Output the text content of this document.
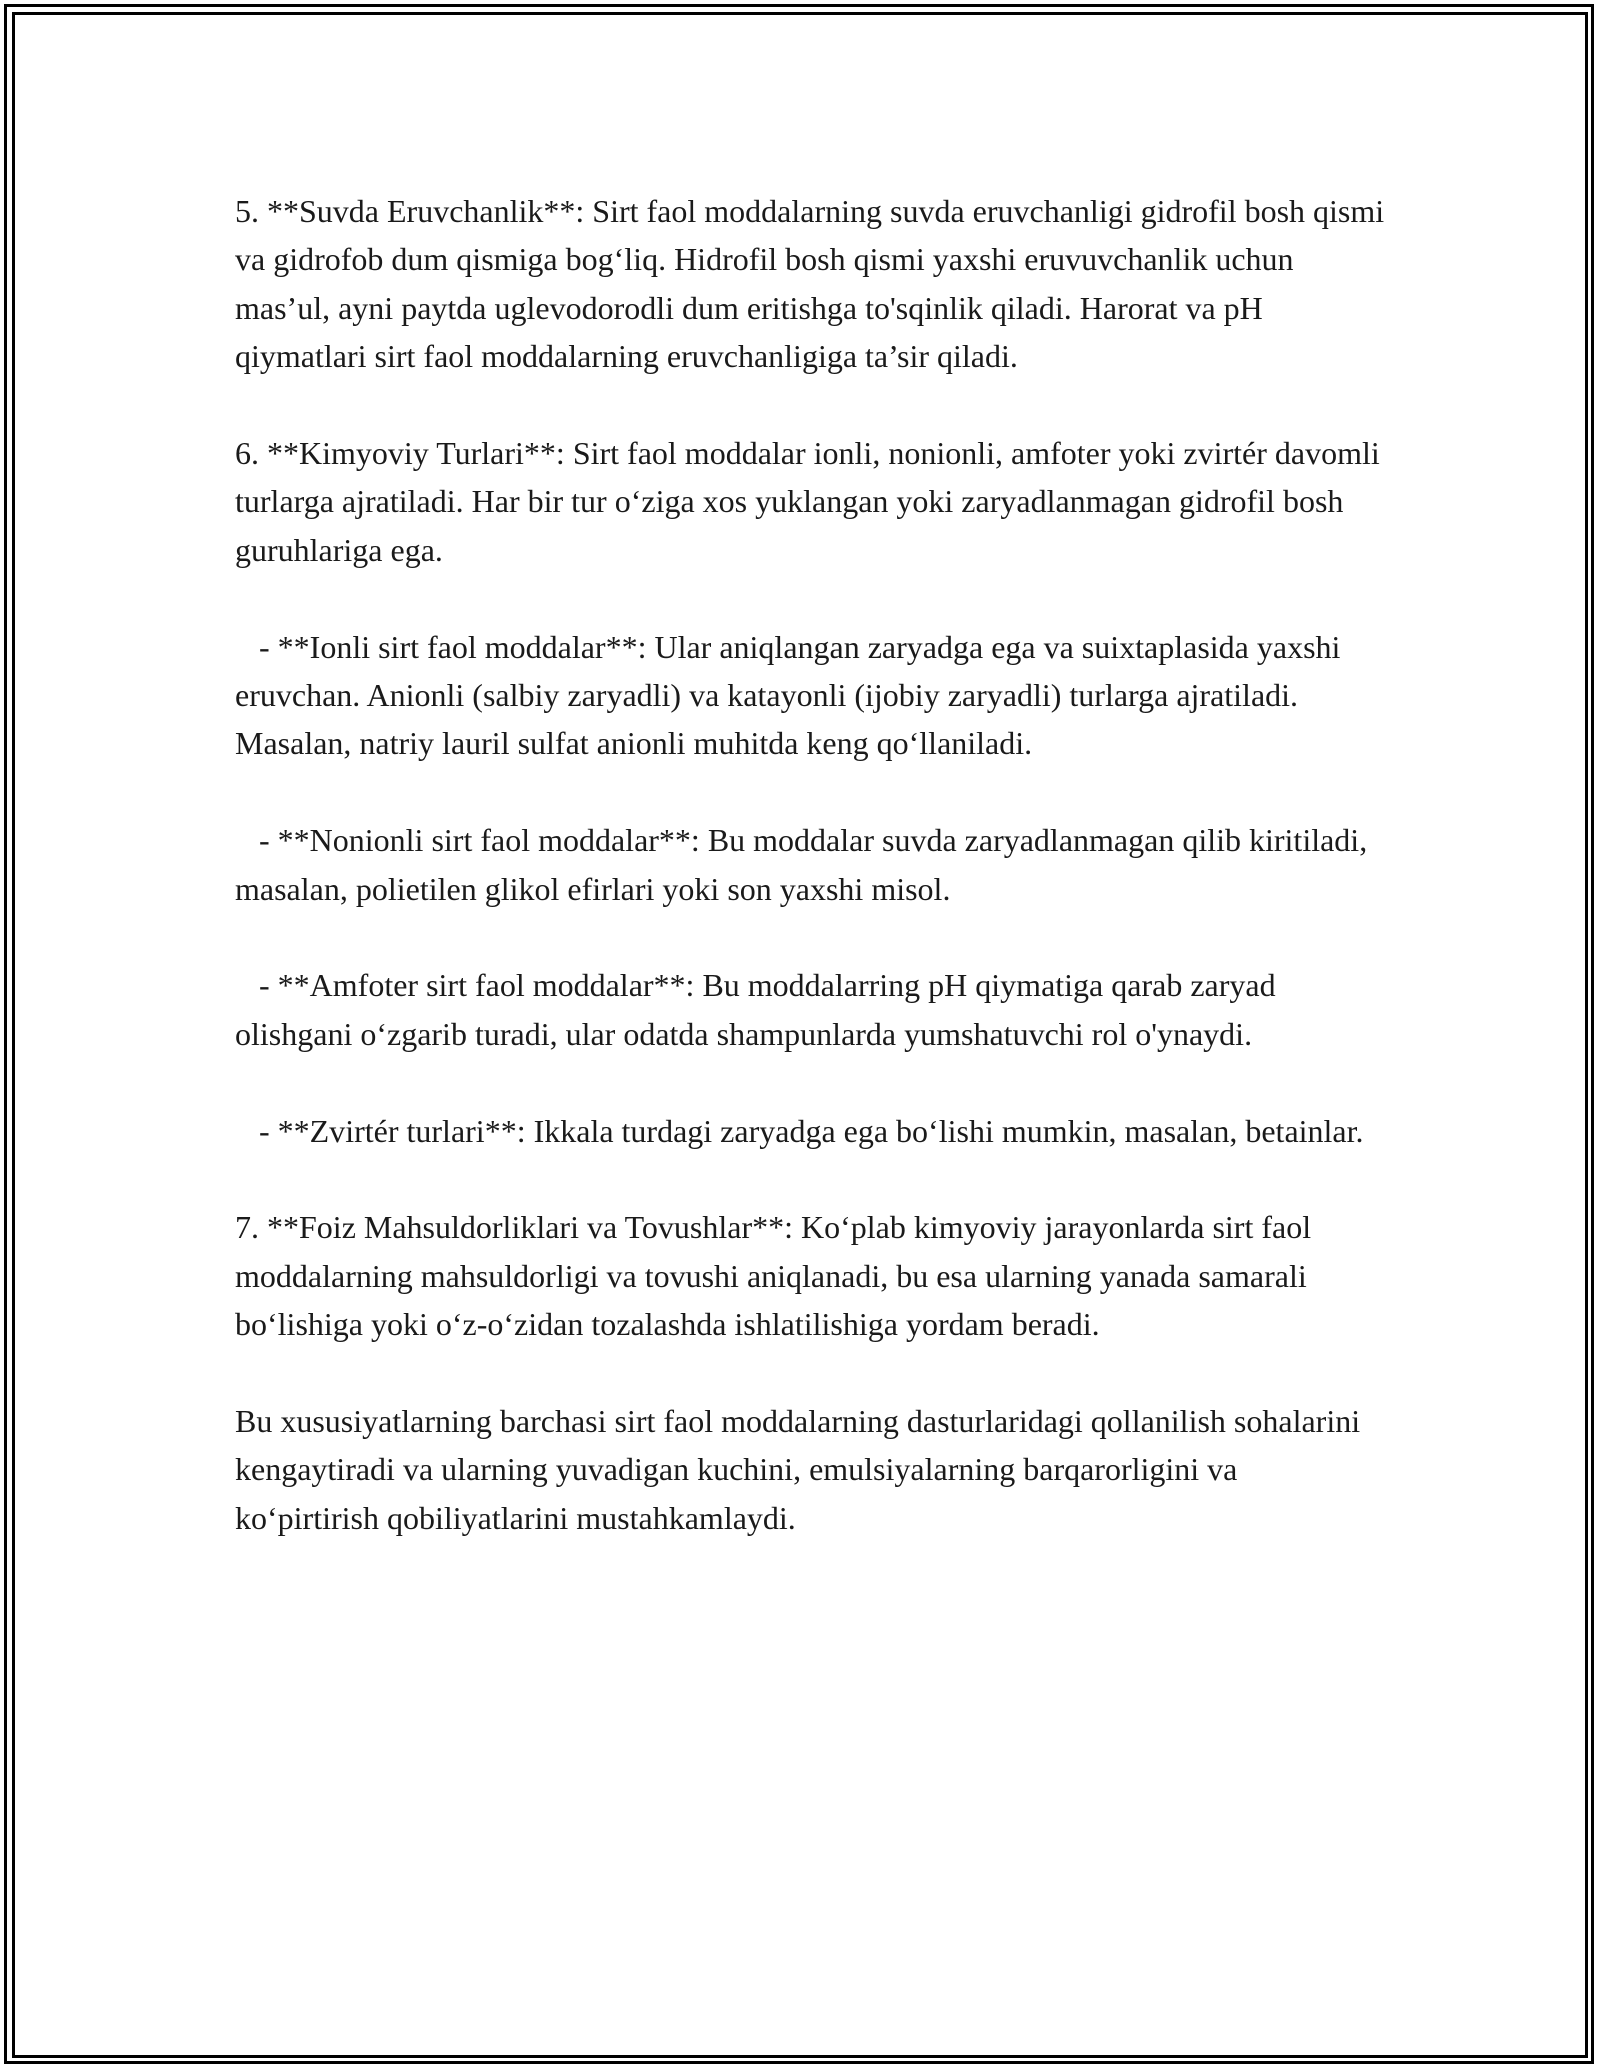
5. **Suvda Eruvchanlik**: Sirt faol moddalarning suvda eruvchanligi gidrofil bosh qismi va gidrofob dum qismiga bog‘liq. Hidrofil bosh qismi yaxshi eruvuvchanlik uchun mas’ul, ayni paytda uglevodorodli dum eritishga to'sqinlik qiladi. Harorat va pH qiymatlari sirt faol moddalarning eruvchanligiga ta’sir qiladi.

6. **Kimyoviy Turlari**: Sirt faol moddalar ionli, nonionli, amfoter yoki zvirtér davomli turlarga ajratiladi. Har bir tur o‘ziga xos yuklangan yoki zaryadlanmagan gidrofil bosh guruhlariga ega.

- **Ionli sirt faol moddalar**: Ular aniqlangan zaryadga ega va suixtaplasida yaxshi eruvchan. Anionli (salbiy zaryadli) va katayonli (ijobiy zaryadli) turlarga ajratiladi. Masalan, natriy lauril sulfat anionli muhitda keng qo‘llaniladi.

- **Nonionli sirt faol moddalar**: Bu moddalar suvda zaryadlanmagan qilib kiritiladi, masalan, polietilen glikol efirlari yoki son yaxshi misol.

- **Amfoter sirt faol moddalar**: Bu moddalarring pH qiymatiga qarab zaryad olishgani o‘zgarib turadi, ular odatda shampunlarda yumshatuvchi rol o'ynaydi.

- **Zvirtér turlari**: Ikkala turdagi zaryadga ega bo‘lishi mumkin, masalan, betainlar.

7. **Foiz Mahsuldorliklari va Tovushlar**: Ko‘plab kimyoviy jarayonlarda sirt faol moddalarning mahsuldorligi va tovushi aniqlanadi, bu esa ularning yanada samarali bo‘lishiga yoki o‘z-o‘zidan tozalashda ishlatilishiga yordam beradi.

Bu xususiyatlarning barchasi sirt faol moddalarning dasturlaridagi qollanilish sohalarini kengaytiradi va ularning yuvadigan kuchini, emulsiyalarning barqarorligini va ko‘pirtirish qobiliyatlarini mustahkamlaydi.
